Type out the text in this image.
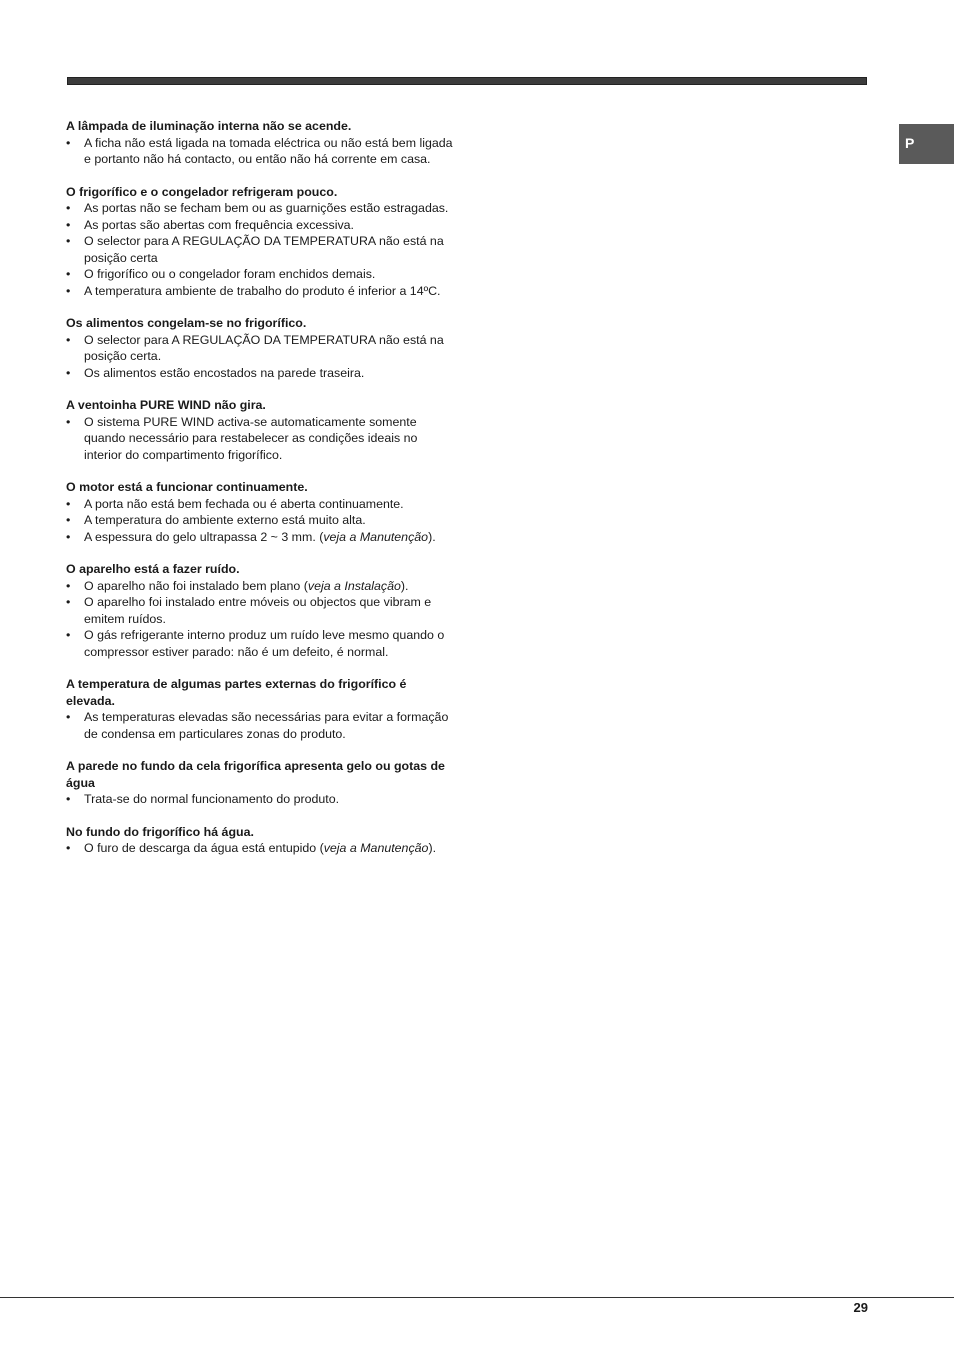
P

A lâmpada de iluminação interna não se acende.

• A ficha não está ligada na tomada eléctrica ou não está bem ligada e portanto não há contacto, ou então não há corrente em casa.

O frigorífico e o congelador refrigeram pouco.

• As portas não se fecham bem ou as guarnições estão estragadas.
• As portas são abertas com frequência excessiva.
• O selector para A REGULAÇÃO DA TEMPERATURA não está na posição certa
• O frigorífico ou o congelador foram enchidos demais.
• A temperatura ambiente de trabalho do produto é inferior a 14ºC.

Os alimentos congelam-se no frigorífico.

• O selector para A REGULAÇÃO DA TEMPERATURA não está na posição certa.
• Os alimentos estão encostados na parede traseira.

A ventoinha PURE WIND não gira.

• O sistema PURE WIND activa-se automaticamente somente quando necessário para restabelecer as condições ideais no interior do compartimento frigorífico.

O motor está a funcionar continuamente.

• A porta não está bem fechada ou é aberta continuamente.
• A temperatura do ambiente externo está muito alta.
• A espessura do gelo ultrapassa 2 ~ 3 mm. (veja a Manutenção).

O aparelho está a fazer ruído.

• O aparelho não foi instalado bem plano (veja a Instalação).
• O aparelho foi instalado entre móveis ou objectos que vibram e emitem ruídos.
• O gás refrigerante interno produz um ruído leve mesmo quando o compressor estiver parado: não é um defeito, é normal.

A temperatura de algumas partes externas do frigorífico é elevada.

• As temperaturas elevadas são necessárias para evitar a formação de condensa em particulares zonas do produto.

A parede no fundo da cela frigorífica apresenta gelo ou gotas de água

• Trata-se do normal funcionamento do produto.

No fundo do frigorífico há água.

• O furo de descarga da água está entupido (veja a Manutenção).
29
